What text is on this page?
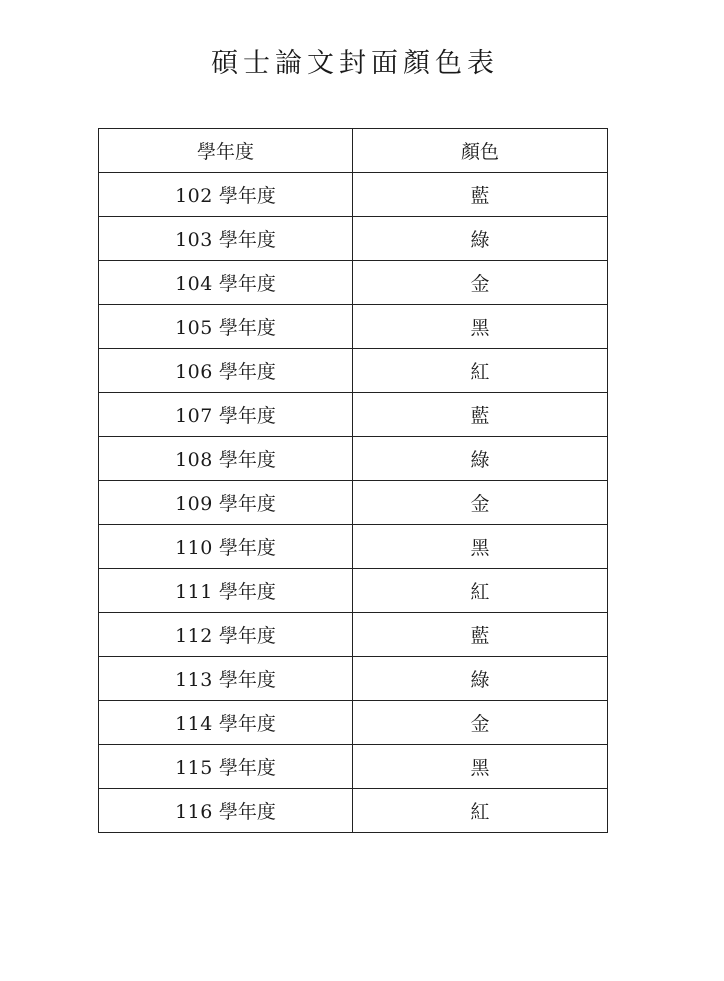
碩士論文封面顏色表
學年度	顏色
102 學年度	藍
103 學年度	綠
104 學年度	金
105 學年度	黑
106 學年度	紅
107 學年度	藍
108 學年度	綠
109 學年度	金
110 學年度	黑
111 學年度	紅
112 學年度	藍
113 學年度	綠
114 學年度	金
115 學年度	黑
116 學年度	紅
